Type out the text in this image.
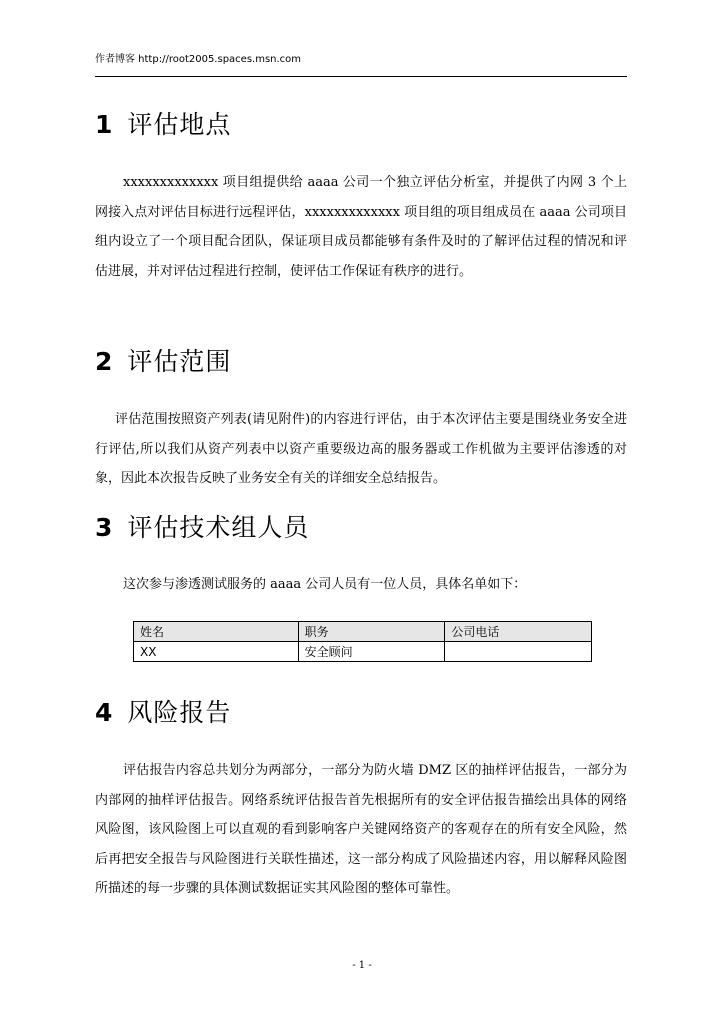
作者博客 http://root2005.spaces.msn.com
1 评估地点

xxxxxxxxxxxxx 项目组提供给 aaaa 公司一个独立评估分析室，并提供了内网 3 个上网接入点对评估目标进行远程评估，xxxxxxxxxxxxx 项目组的项目组成员在 aaaa 公司项目组内设立了一个项目配合团队，保证项目成员都能够有条件及时的了解评估过程的情况和评估进展，并对评估过程进行控制，使评估工作保证有秩序的进行。

2 评估范围

评估范围按照资产列表(请见附件)的内容进行评估，由于本次评估主要是围绕业务安全进行评估,所以我们从资产列表中以资产重要级边高的服务器或工作机做为主要评估渗透的对象，因此本次报告反映了业务安全有关的详细安全总结报告。

3 评估技术组人员

这次参与渗透测试服务的 aaaa 公司人员有一位人员，具体名单如下：

姓名	职务	公司电话
XX	安全顾问	
4 风险报告

评估报告内容总共划分为两部分，一部分为防火墙 DMZ 区的抽样评估报告，一部分为内部网的抽样评估报告。网络系统评估报告首先根据所有的安全评估报告描绘出具体的网络风险图，该风险图上可以直观的看到影响客户关键网络资产的客观存在的所有安全风险，然后再把安全报告与风险图进行关联性描述，这一部分构成了风险描述内容，用以解释风险图所描述的每一步骤的具体测试数据证实其风险图的整体可靠性。

- 1 -
